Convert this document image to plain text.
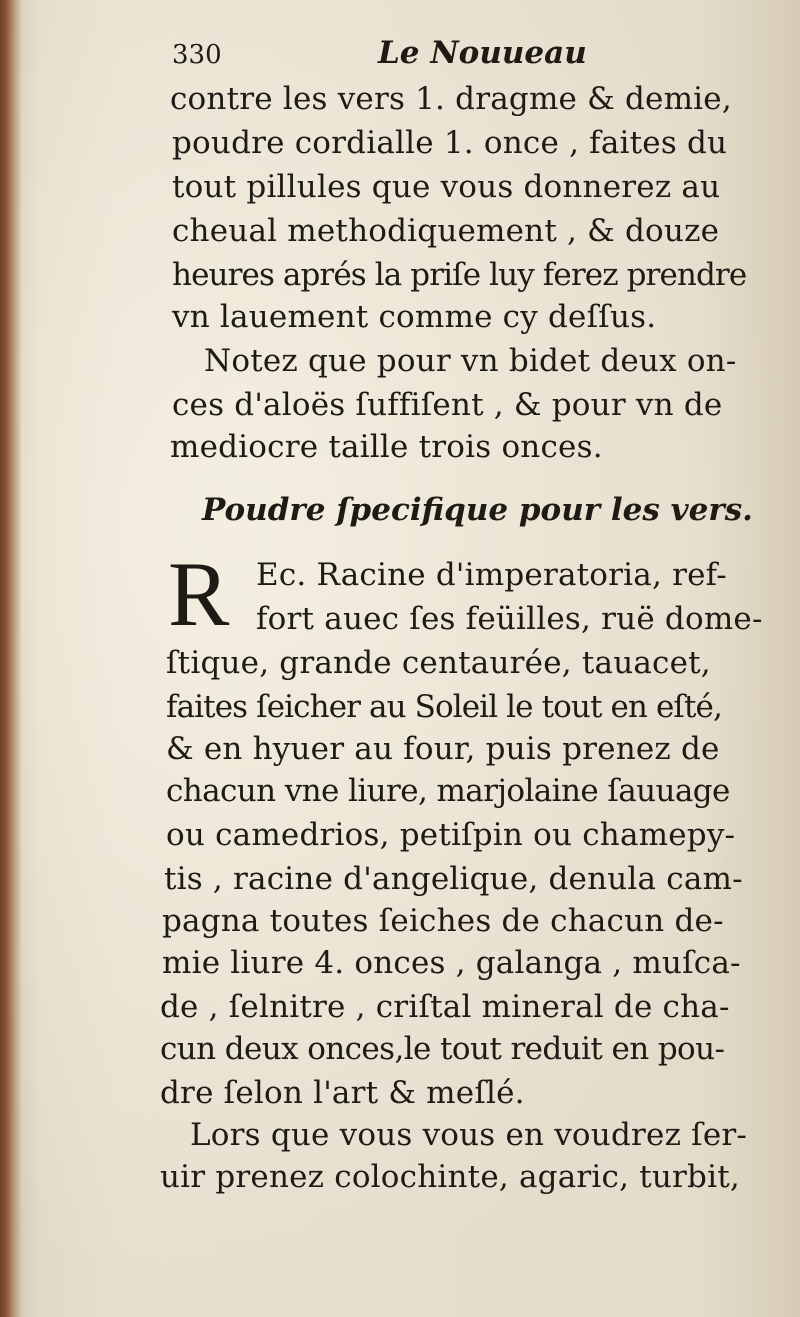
330	Le Nouueau
contre les vers 1. dragme & demie,
poudre cordialle 1. once , faites du
tout pillules que vous donnerez au
cheual methodiquement , & douze
heures aprés la priſe luy ferez prendre
vn lauement comme cy deſſus.
Notez que pour vn bidet deux on-
ces d'aloës ſuffiſent , & pour vn de
mediocre taille trois onces.
Poudre ſpecifique pour les vers.
R Ec. Racine d'imperatoria, ref-
fort auec ſes feüilles, ruë dome-
ſtique, grande centaurée, tauacet,
faites ſeicher au Soleil le tout en eſté,
& en hyuer au four, puis prenez de
chacun vne liure, marjolaine ſauuage
ou camedrios, petiſpin ou chamepy-
tis , racine d'angelique, denula cam-
pagna toutes ſeiches de chacun de-
mie liure 4. onces , galanga , muſca-
de , ſelnitre , criſtal mineral de cha-
cun deux onces,le tout reduit en pou-
dre ſelon l'art & meſlé.
Lors que vous vous en voudrez ſer-
uir prenez colochinte, agaric, turbit,
